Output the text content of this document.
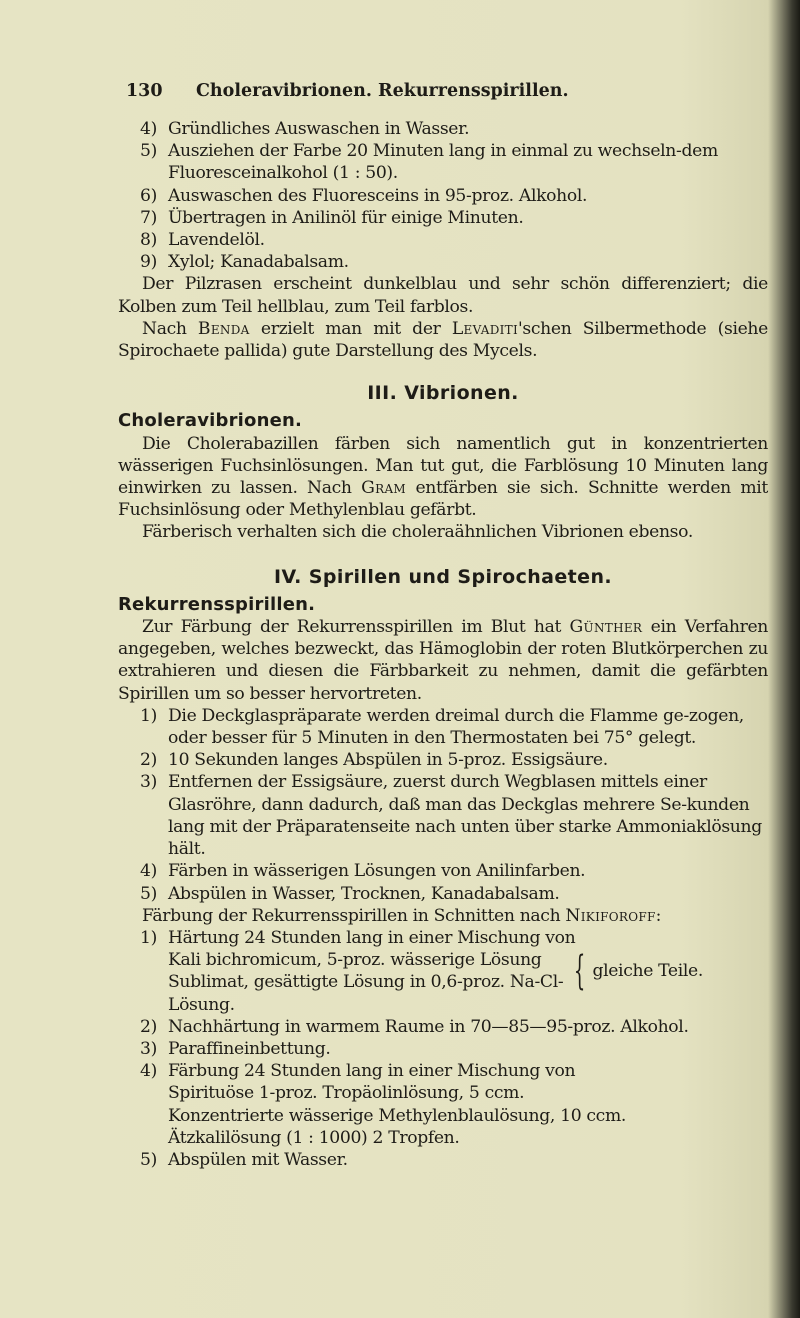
130 Choleravibrionen. Rekurrensspirillen.
4) Gründliches Auswaschen in Wasser.
5) Ausziehen der Farbe 20 Minuten lang in einmal zu wechseln-dem Fluoresceinalkohol (1 : 50).
6) Auswaschen des Fluoresceins in 95-proz. Alkohol.
7) Übertragen in Anilinöl für einige Minuten.
8) Lavendelöl.
9) Xylol; Kanadabalsam.

Der Pilzrasen erscheint dunkelblau und sehr schön differenziert; die Kolben zum Teil hellblau, zum Teil farblos.

Nach Benda erzielt man mit der Levaditi'schen Silbermethode (siehe Spirochaete pallida) gute Darstellung des Mycels.

III. Vibrionen.
Choleravibrionen.

Die Cholerabazillen färben sich namentlich gut in konzentrierten wässerigen Fuchsinlösungen. Man tut gut, die Farblösung 10 Minuten lang einwirken zu lassen. Nach Gram entfärben sie sich. Schnitte werden mit Fuchsinlösung oder Methylenblau gefärbt.

Färberisch verhalten sich die choleraähnlichen Vibrionen ebenso.

IV. Spirillen und Spirochaeten.
Rekurrensspirillen.

Zur Färbung der Rekurrensspirillen im Blut hat Günther ein Verfahren angegeben, welches bezweckt, das Hämoglobin der roten Blutkörperchen zu extrahieren und diesen die Färbbarkeit zu nehmen, damit die gefärbten Spirillen um so besser hervortreten.

1) Die Deckglaspräparate werden dreimal durch die Flamme ge-zogen, oder besser für 5 Minuten in den Thermostaten bei 75° gelegt.
2) 10 Sekunden langes Abspülen in 5-proz. Essigsäure.
3) Entfernen der Essigsäure, zuerst durch Wegblasen mittels einer Glasröhre, dann dadurch, daß man das Deckglas mehrere Se-kunden lang mit der Präparatenseite nach unten über starke Ammoniaklösung hält.
4) Färben in wässerigen Lösungen von Anilinfarben.
5) Abspülen in Wasser, Trocknen, Kanadabalsam.

Färbung der Rekurrensspirillen in Schnitten nach Nikiforoff:

1) Härtung 24 Stunden lang in einer Mischung von
Kali bichromicum, 5-proz. wässerige Lösung
Sublimat, gesättigte Lösung in 0,6-proz. Na-Cl- { gleiche Teile.
Lösung.
2) Nachhärtung in warmem Raume in 70—85—95-proz. Alkohol.
3) Paraffineinbettung.
4) Färbung 24 Stunden lang in einer Mischung von
Spirituöse 1-proz. Tropäolinlösung, 5 ccm.
Konzentrierte wässerige Methylenblaulösung, 10 ccm.
Ätzkalilösung (1 : 1000) 2 Tropfen.
5) Abspülen mit Wasser.
